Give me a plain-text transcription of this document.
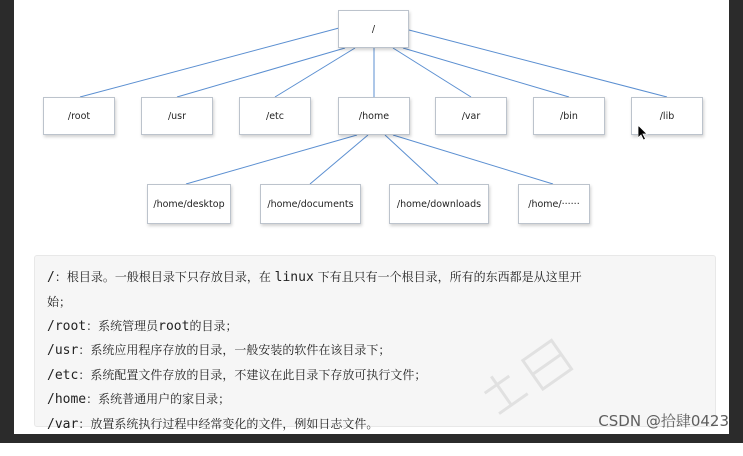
/
/root	/usr	/etc	/home	/var	/bin	/lib
/home/desktop	/home/documents	/home/downloads	/home/······
/：根目录。一般根目录下只存放目录，在 linux 下有且只有一个根目录，所有的东西都是从这里开
始；
/root：系统管理员root的目录；
/usr：系统应用程序存放的目录，一般安装的软件在该目录下；
/etc：系统配置文件存放的目录，不建议在此目录下存放可执行文件；
/home：系统普通用户的家目录；
/var：放置系统执行过程中经常变化的文件，例如日志文件。	CSDN @拾肆0423
